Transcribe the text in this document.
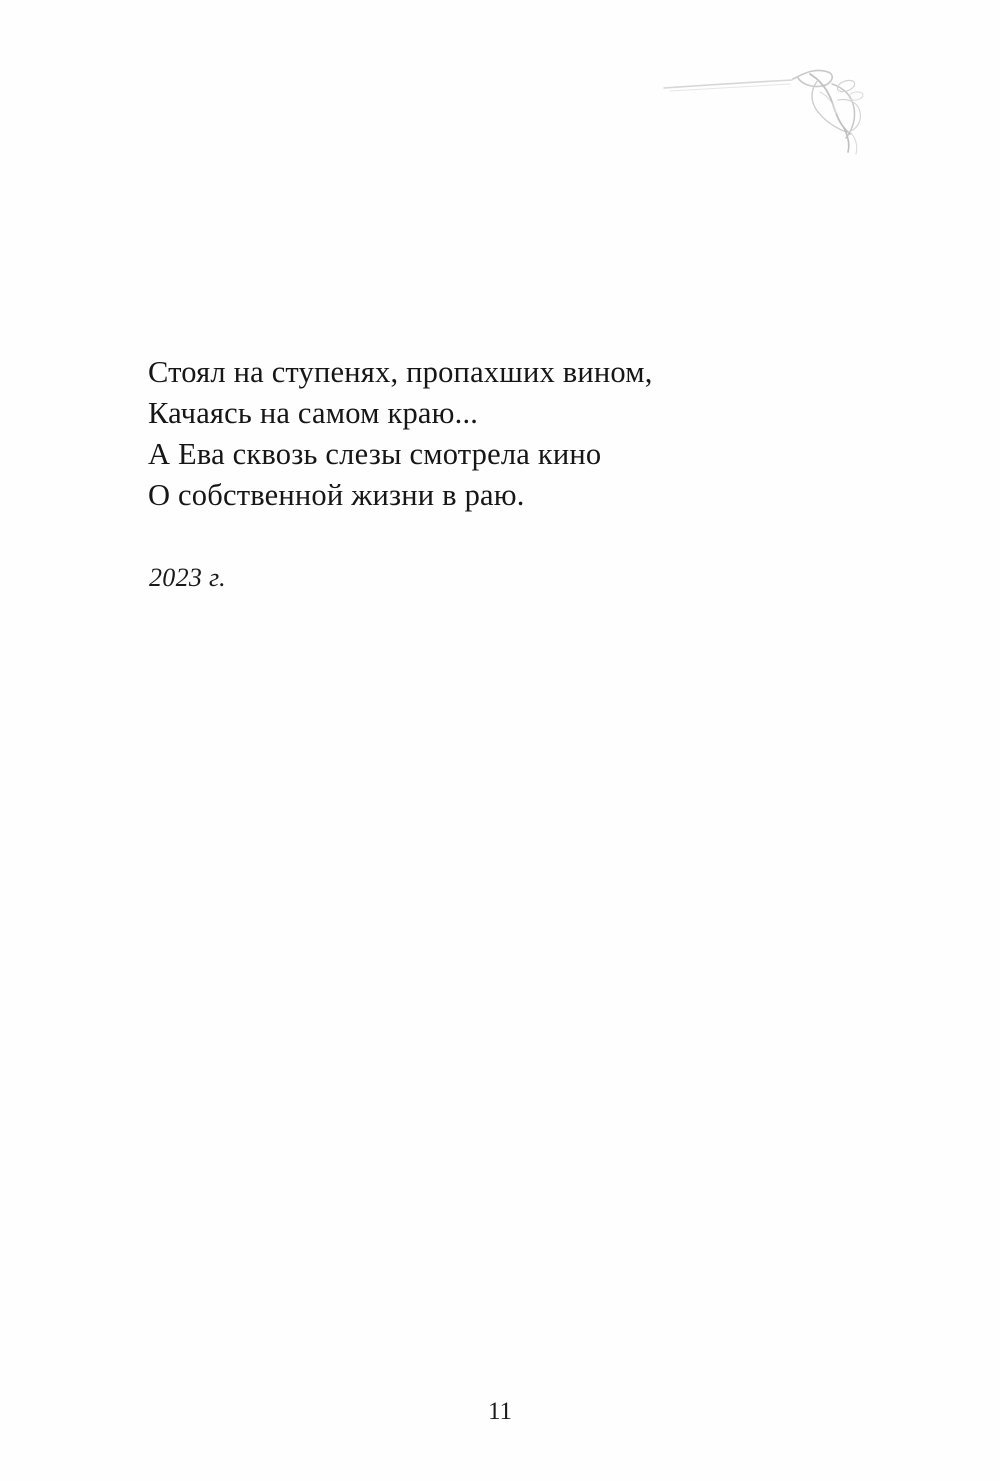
Стоял на ступенях, пропахших вином,
Качаясь на самом краю...
А Ева сквозь слезы смотрела кино
О собственной жизни в раю.
2023 г.
11
